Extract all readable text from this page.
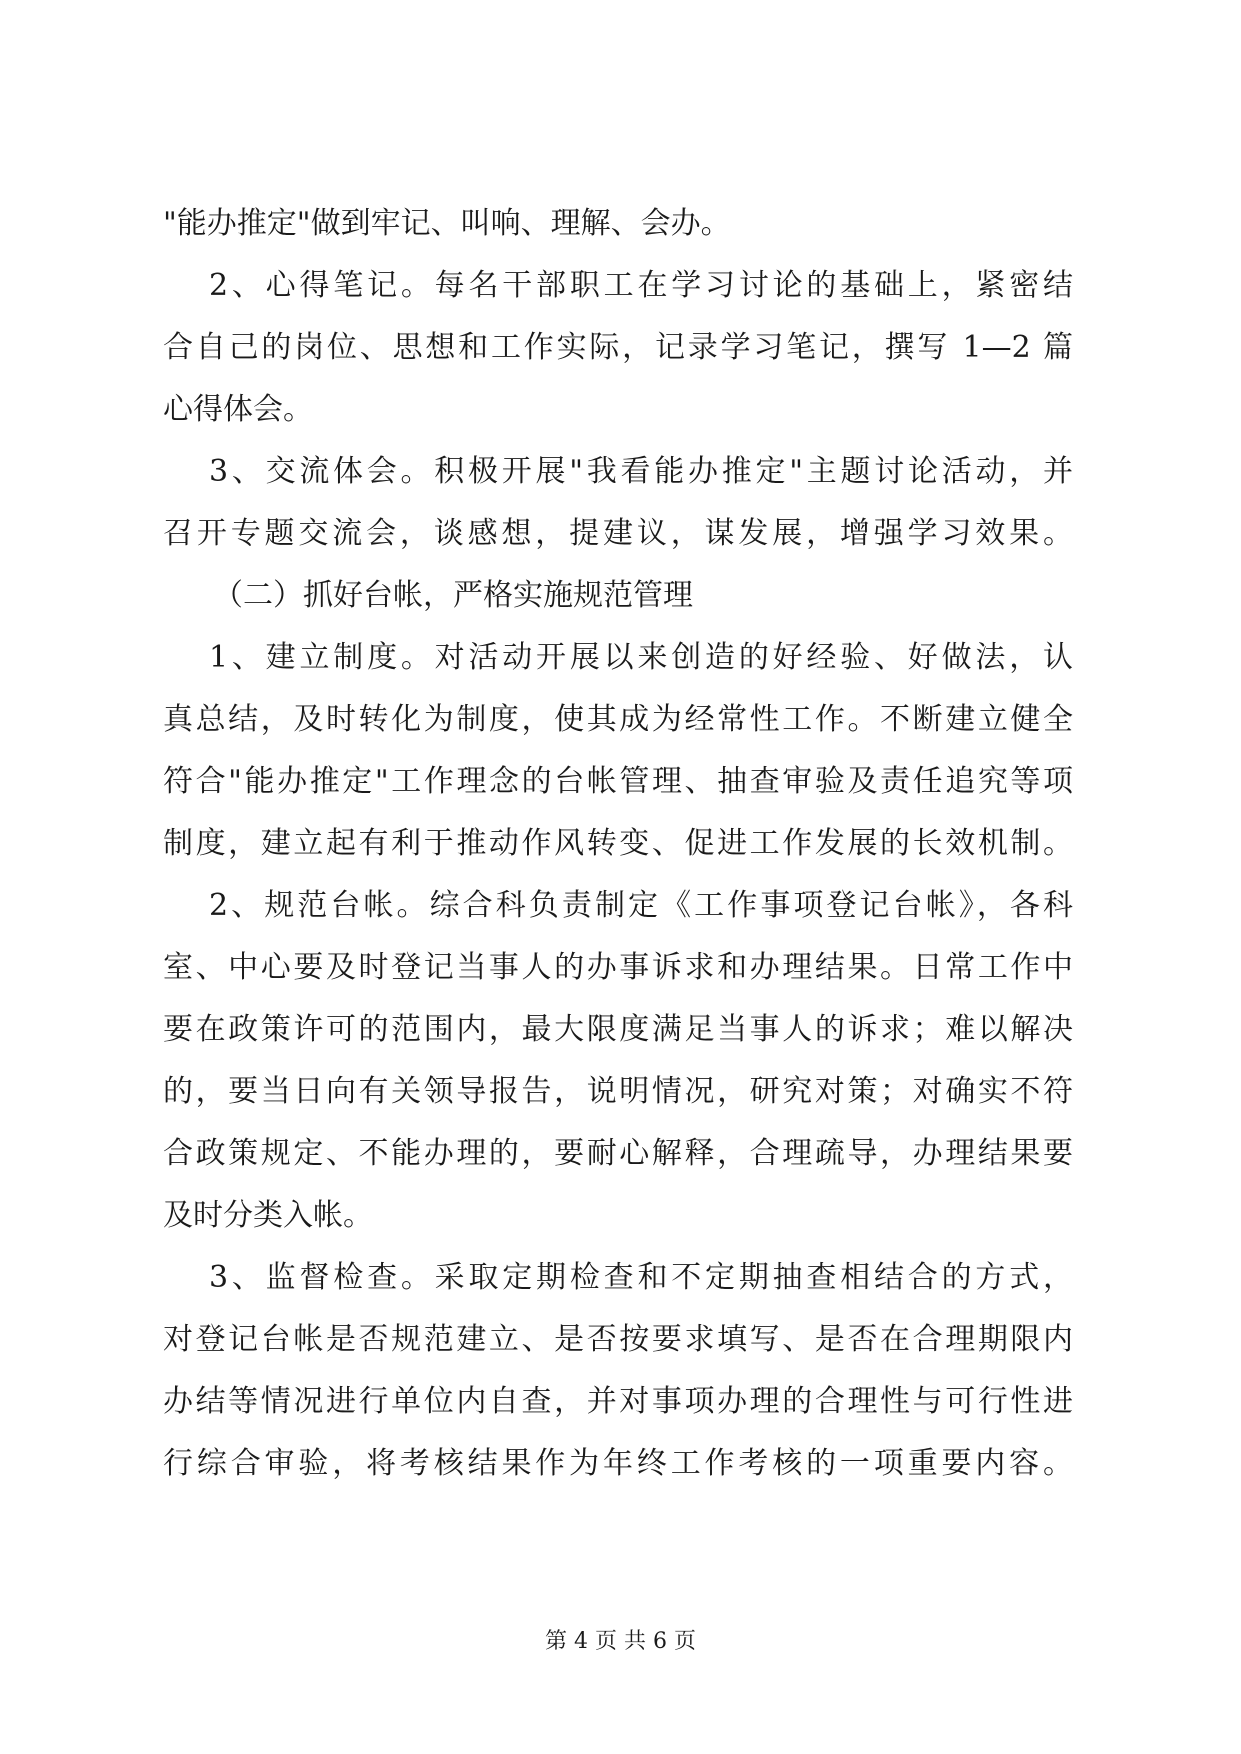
"能办推定"做到牢记、叫响、理解、会办。
2、心得笔记。每名干部职工在学习讨论的基础上，紧密结
合自己的岗位、思想和工作实际，记录学习笔记，撰写 1—2 篇
心得体会。
3、交流体会。积极开展"我看能办推定"主题讨论活动，并
召开专题交流会，谈感想，提建议，谋发展，增强学习效果。
（二）抓好台帐，严格实施规范管理
1、建立制度。对活动开展以来创造的好经验、好做法，认
真总结，及时转化为制度，使其成为经常性工作。不断建立健全
符合"能办推定"工作理念的台帐管理、抽查审验及责任追究等项
制度，建立起有利于推动作风转变、促进工作发展的长效机制。
2、规范台帐。综合科负责制定《工作事项登记台帐》，各科
室、中心要及时登记当事人的办事诉求和办理结果。日常工作中
要在政策许可的范围内，最大限度满足当事人的诉求；难以解决
的，要当日向有关领导报告，说明情况，研究对策；对确实不符
合政策规定、不能办理的，要耐心解释，合理疏导，办理结果要
及时分类入帐。
3、监督检查。采取定期检查和不定期抽查相结合的方式，
对登记台帐是否规范建立、是否按要求填写、是否在合理期限内
办结等情况进行单位内自查，并对事项办理的合理性与可行性进
行综合审验，将考核结果作为年终工作考核的一项重要内容。
第 4 页 共 6 页
